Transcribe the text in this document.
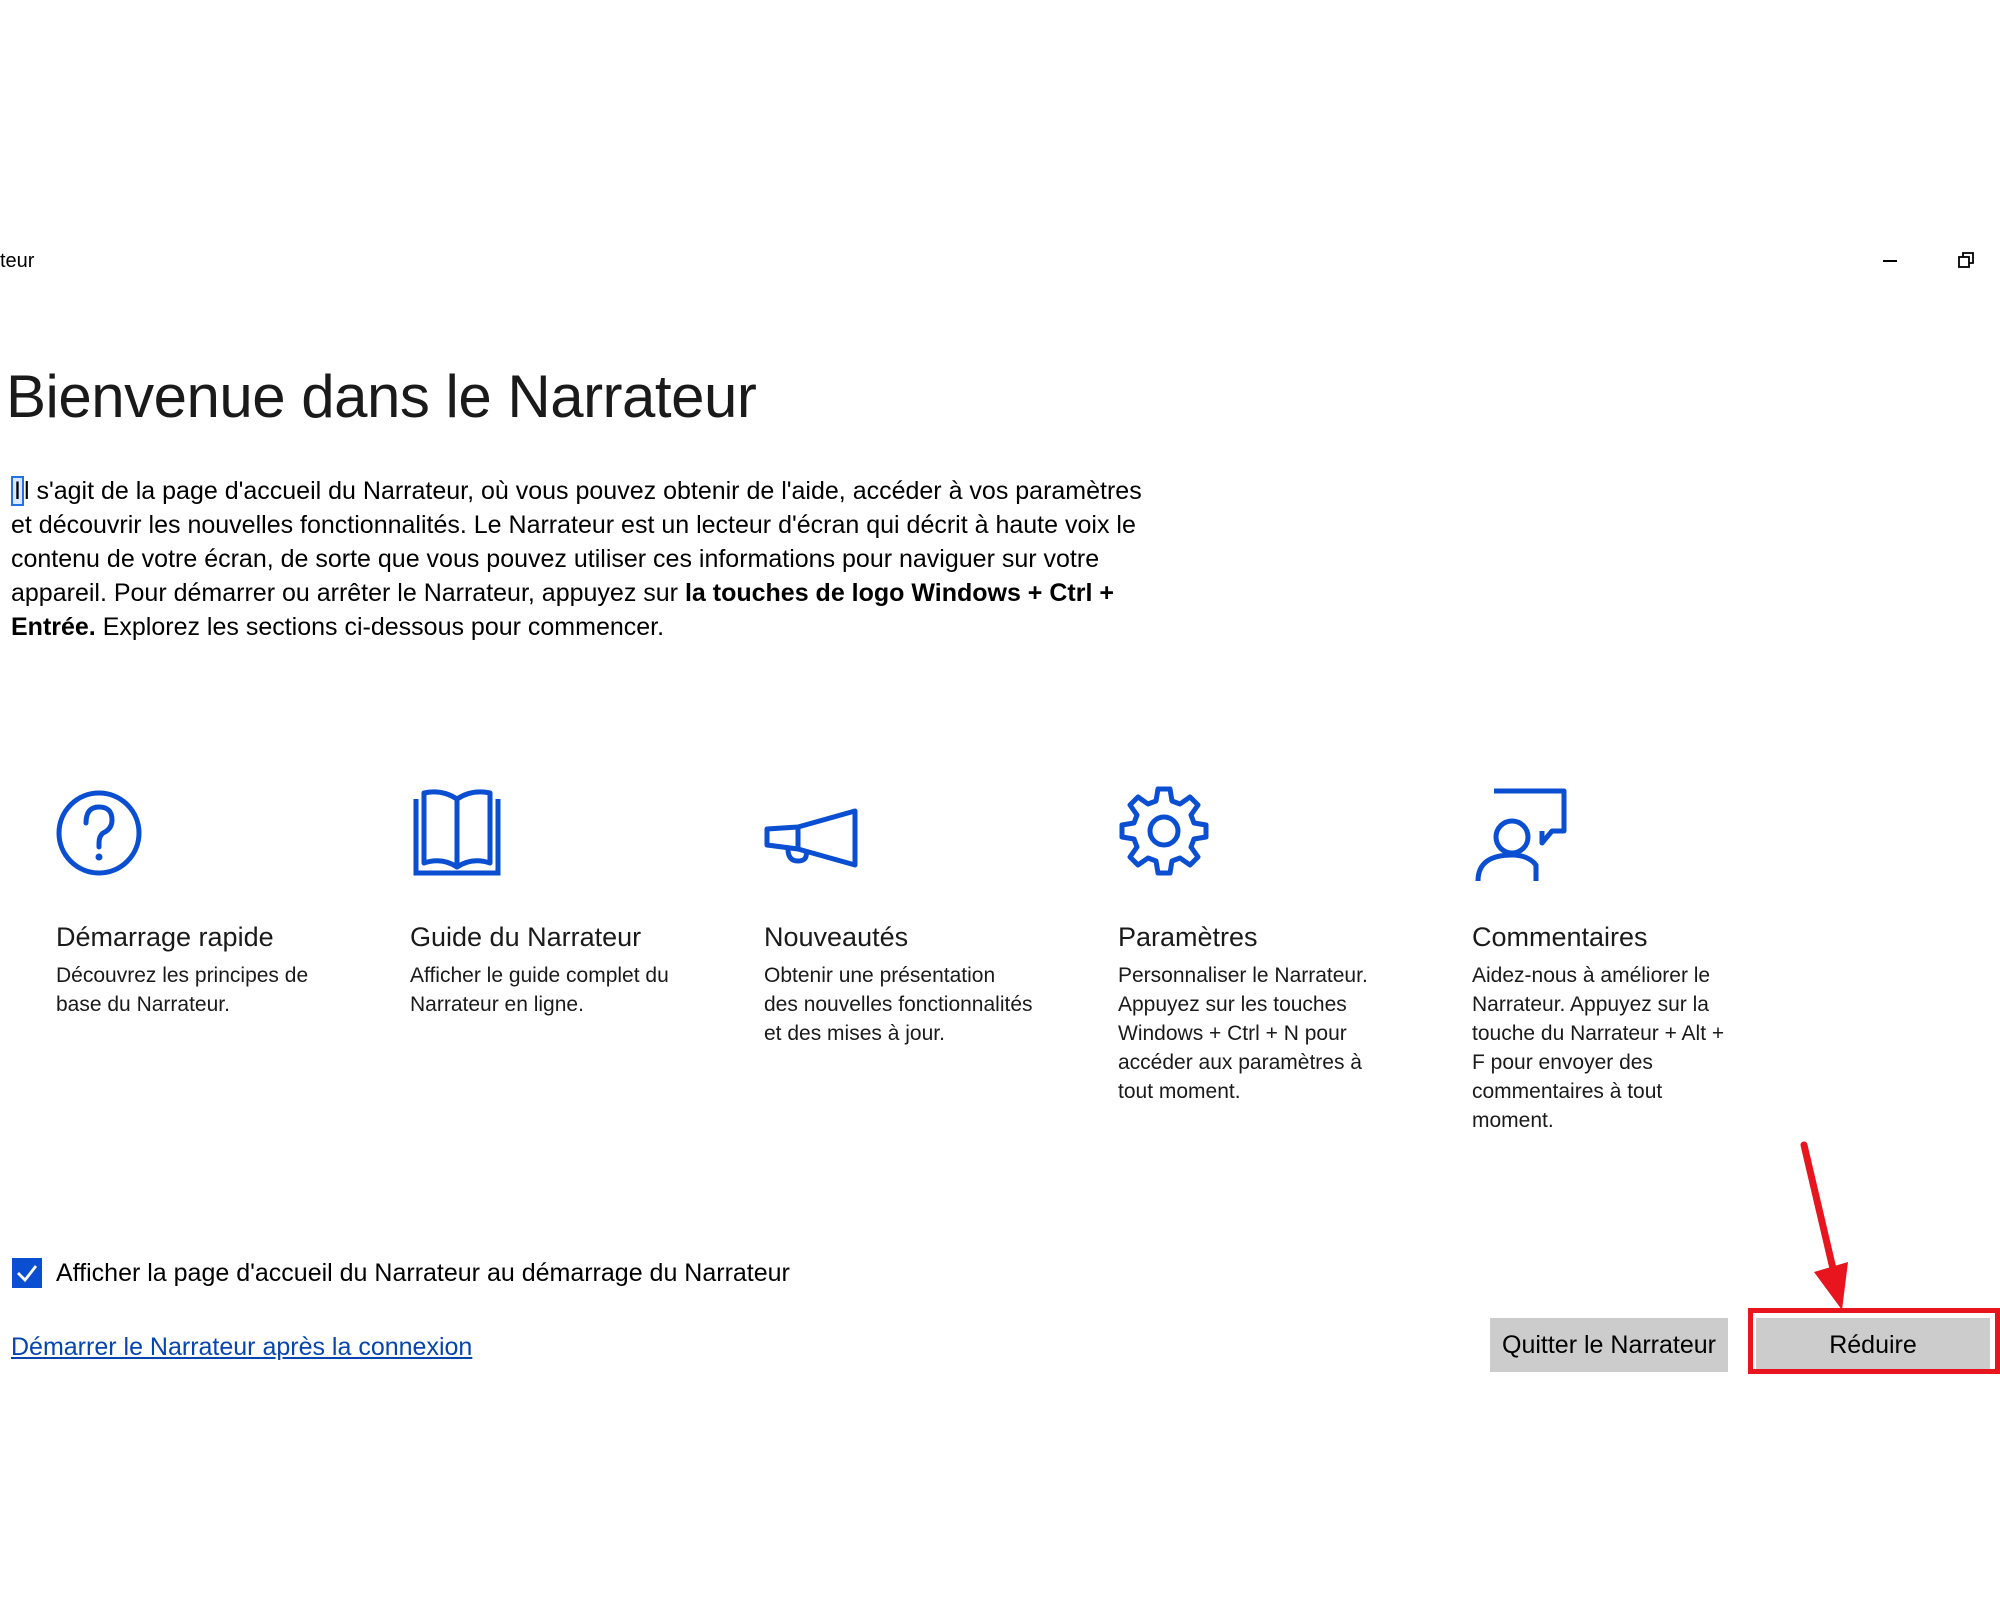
teur
Bienvenue dans le Narrateur
I l s'agit de la page d'accueil du Narrateur, où vous pouvez obtenir de l'aide, accéder à vos paramètres et découvrir les nouvelles fonctionnalités. Le Narrateur est un lecteur d'écran qui décrit à haute voix le contenu de votre écran, de sorte que vous pouvez utiliser ces informations pour naviguer sur votre appareil. Pour démarrer ou arrêter le Narrateur, appuyez sur la touches de logo Windows + Ctrl + Entrée. Explorez les sections ci-dessous pour commencer.
Démarrage rapide
Découvrez les principes de base du Narrateur.
Guide du Narrateur
Afficher le guide complet du Narrateur en ligne.
Nouveautés
Obtenir une présentation des nouvelles fonctionnalités et des mises à jour.
Paramètres
Personnaliser le Narrateur. Appuyez sur les touches Windows + Ctrl + N pour accéder aux paramètres à tout moment.
Commentaires
Aidez-nous à améliorer le Narrateur. Appuyez sur la touche du Narrateur + Alt + F pour envoyer des commentaires à tout moment.
Afficher la page d'accueil du Narrateur au démarrage du Narrateur
Démarrer le Narrateur après la connexion	Quitter le Narrateur	Réduire
